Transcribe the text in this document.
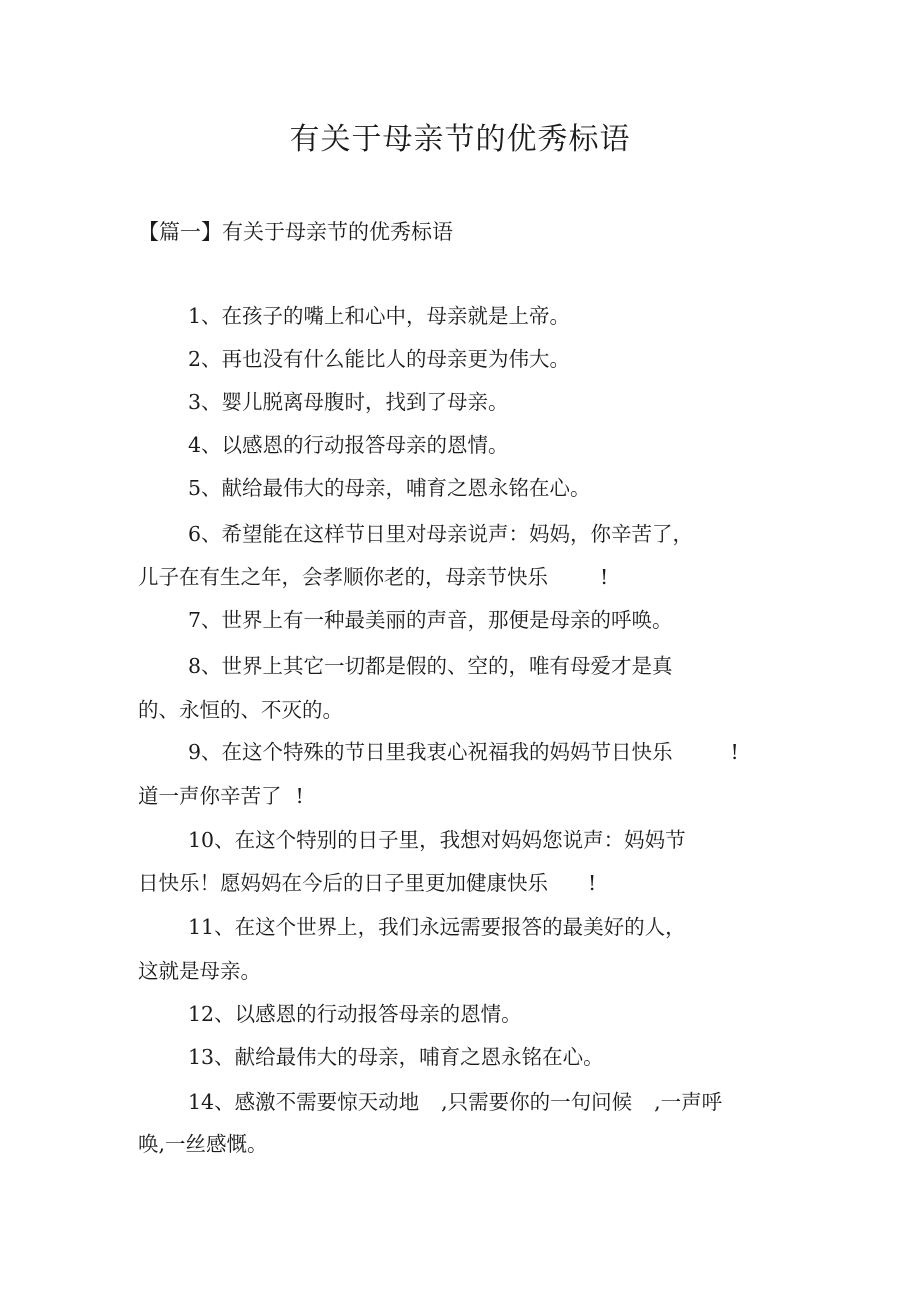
有关于母亲节的优秀标语
【篇一】有关于母亲节的优秀标语
1、在孩子的嘴上和心中，母亲就是上帝。
2、再也没有什么能比人的母亲更为伟大。
3、婴儿脱离母腹时，找到了母亲。
4、以感恩的行动报答母亲的恩情。
5、献给最伟大的母亲，哺育之恩永铭在心。
6、希望能在这样节日里对母亲说声：妈妈，你辛苦了，
儿子在有生之年，会孝顺你老的，母亲节快乐	!
7、世界上有一种最美丽的声音，那便是母亲的呼唤。
8、世界上其它一切都是假的、空的，唯有母爱才是真
的、永恒的、不灭的。
9、在这个特殊的节日里我衷心祝福我的妈妈节日快乐	!
道一声你辛苦了 !
10、在这个特别的日子里，我想对妈妈您说声：妈妈节
日快乐！愿妈妈在今后的日子里更加健康快乐 !
11、在这个世界上，我们永远需要报答的最美好的人，
这就是母亲。
12、以感恩的行动报答母亲的恩情。
13、献给最伟大的母亲，哺育之恩永铭在心。
14、感激不需要惊天动地 ,只需要你的一句问候 ,一声呼
唤,一丝感慨。
